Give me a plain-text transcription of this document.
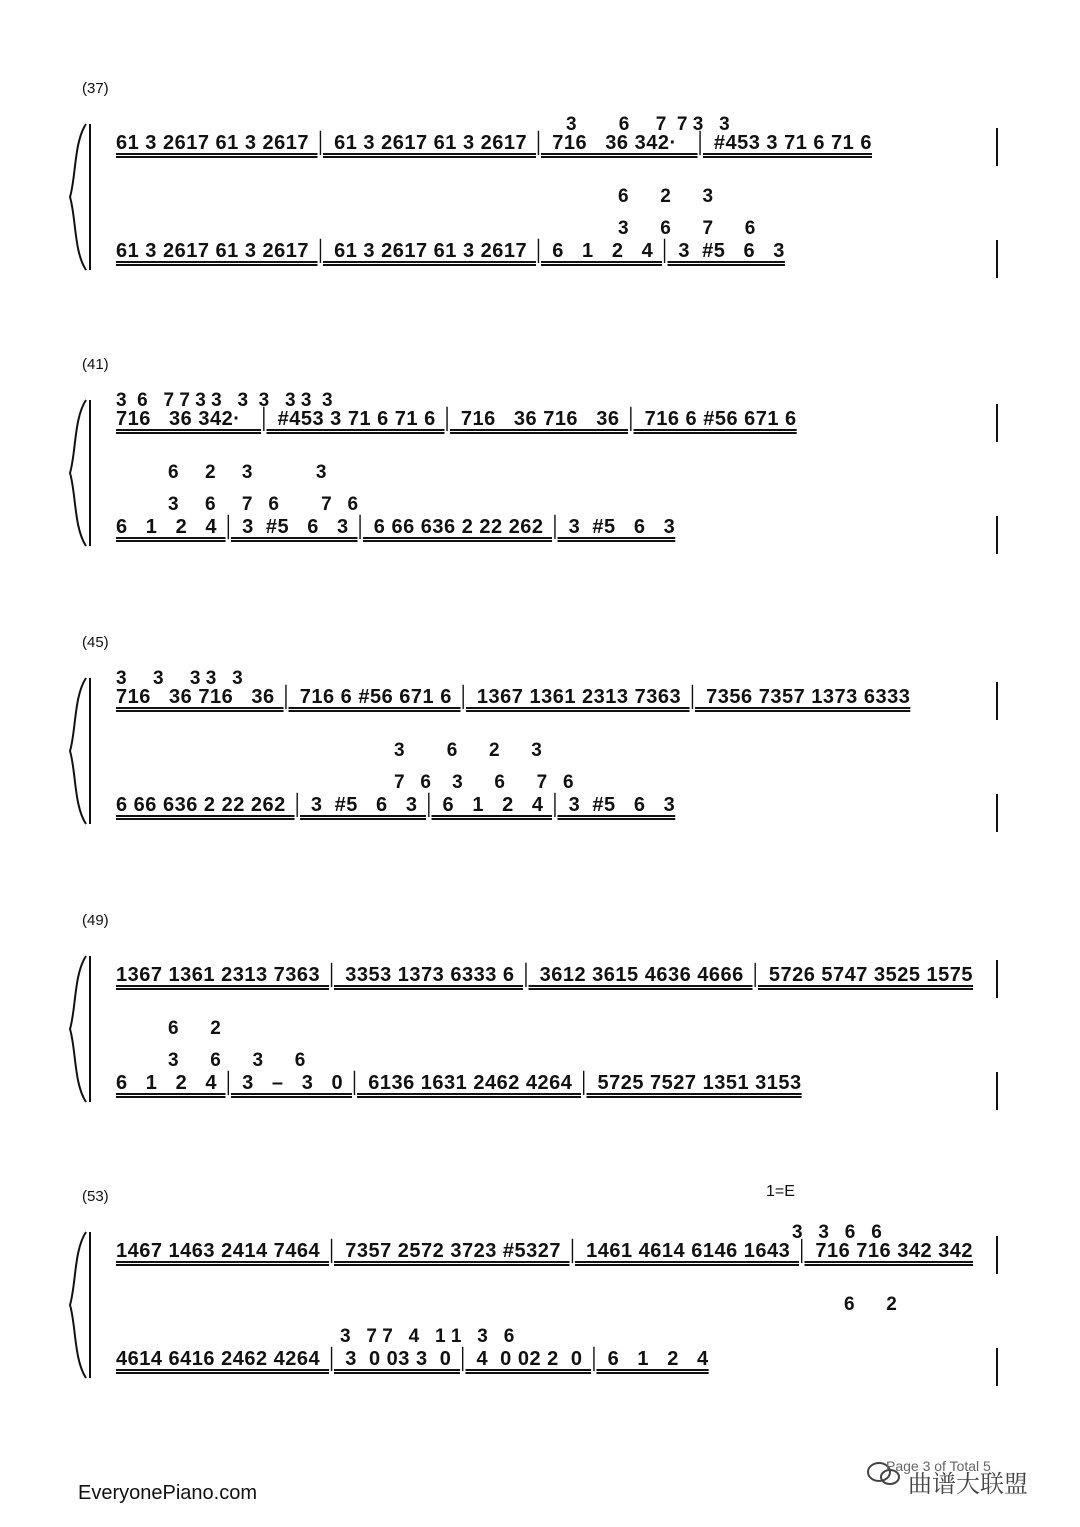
(37)
3        6     7  7 3   3
61 3 2617 61 3 2617 │ 61 3 2617 61 3 2617 │ 716   36 342·   │ #453 3 71 6 71 6
6      2      3
3      6      7      6
61 3 2617 61 3 2617 │ 61 3 2617 61 3 2617 │ 6   1   2   4 │ 3  #5   6   3
(41)
3  6   7 7 3 3   3  3   3 3  3
716   36 342·   │ #453 3 71 6 71 6 │ 716   36 716   36 │ 716 6 #56 671 6
6     2     3            3
3     6     7   6        7   6
6   1   2   4 │ 3  #5   6   3 │ 6 66 636 2 22 262 │ 3  #5   6   3
(45)
3     3     3 3   3
716   36 716   36 │ 716 6 #56 671 6 │ 1367 1361 2313 7363 │ 7356 7357 1373 6333
3        6      2      3
7   6    3      6      7   6
6 66 636 2 22 262 │ 3  #5   6   3 │ 6   1   2   4 │ 3  #5   6   3
(49)
1367 1361 2313 7363 │ 3353 1373 6333 6 │ 3612 3615 4636 4666 │ 5726 5747 3525 1575
6      2
3      6      3      6
6   1   2   4 │ 3   –   3   0 │ 6136 1631 2462 4264 │ 5725 7527 1351 3153
(53)
3   3   6   6
1467 1463 2414 7464 │ 7357 2572 3723 #5327 │ 1461 4614 6146 1643 │ 716 716 342 342
6      2
3   7 7   4   1 1   3   6
4614 6416 2462 4264 │ 3  0 03 3  0 │ 4  0 02 2  0 │ 6   1   2   4
1=E
Page 3 of Total 5
曲谱大联盟
EveryonePiano.com
